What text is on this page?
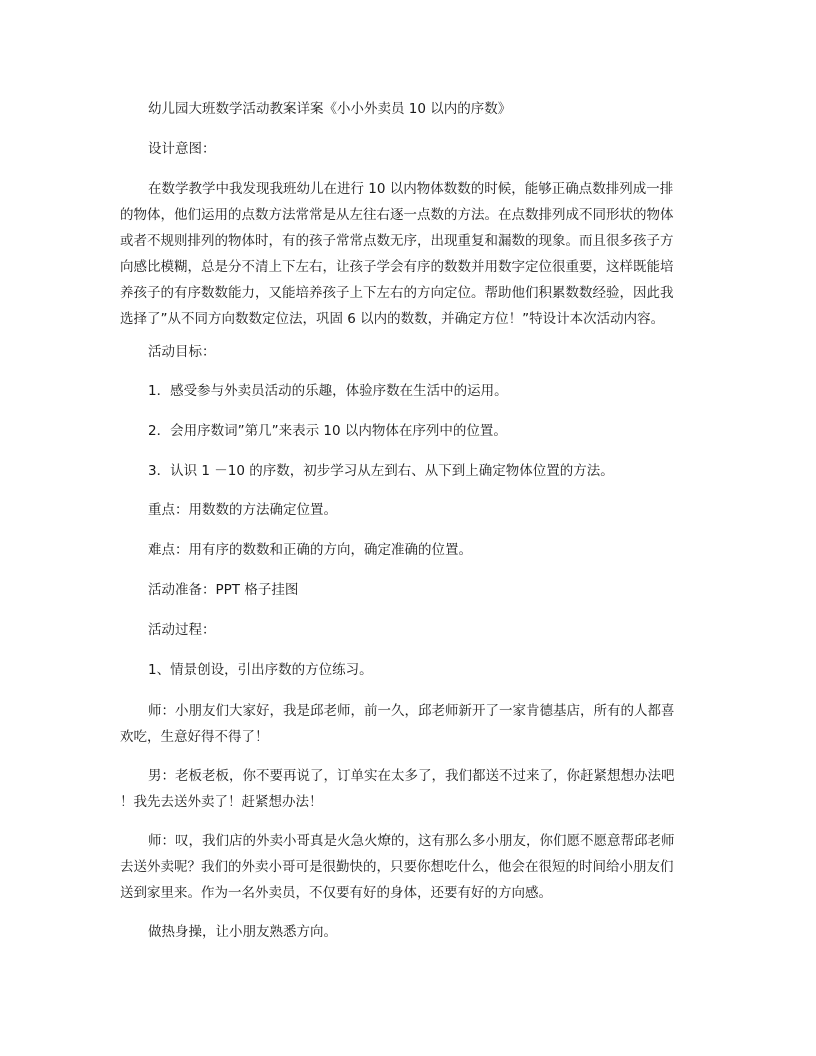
幼儿园大班数学活动教案详案《小小外卖员 10 以内的序数》

设计意图：

在数学教学中我发现我班幼儿在进行 10 以内物体数数的时候，能够正确点数排列成一排
的物体，他们运用的点数方法常常是从左往右逐一点数的方法。在点数排列成不同形状的物体
或者不规则排列的物体时，有的孩子常常点数无序，出现重复和漏数的现象。而且很多孩子方
向感比模糊，总是分不清上下左右，让孩子学会有序的数数并用数字定位很重要，这样既能培
养孩子的有序数数能力，又能培养孩子上下左右的方向定位。帮助他们积累数数经验，因此我
选择了”从不同方向数数定位法，巩固 6 以内的数数，并确定方位！”特设计本次活动内容。

活动目标：

1．感受参与外卖员活动的乐趣，体验序数在生活中的运用。

2．会用序数词”第几”来表示 10 以内物体在序列中的位置。

3．认识 1 －10 的序数，初步学习从左到右、从下到上确定物体位置的方法。

重点：用数数的方法确定位置。

难点：用有序的数数和正确的方向，确定准确的位置。

活动准备：PPT 格子挂图

活动过程：

1、情景创设，引出序数的方位练习。

师：小朋友们大家好，我是邱老师，前一久，邱老师新开了一家肯德基店，所有的人都喜
欢吃，生意好得不得了！
男：老板老板，你不要再说了，订单实在太多了，我们都送不过来了，你赶紧想想办法吧
！我先去送外卖了！赶紧想办法！
师：叹，我们店的外卖小哥真是火急火燎的，这有那么多小朋友，你们愿不愿意帮邱老师
去送外卖呢？我们的外卖小哥可是很勤快的，只要你想吃什么，他会在很短的时间给小朋友们
送到家里来。作为一名外卖员，不仅要有好的身体，还要有好的方向感。

做热身操，让小朋友熟悉方向。
